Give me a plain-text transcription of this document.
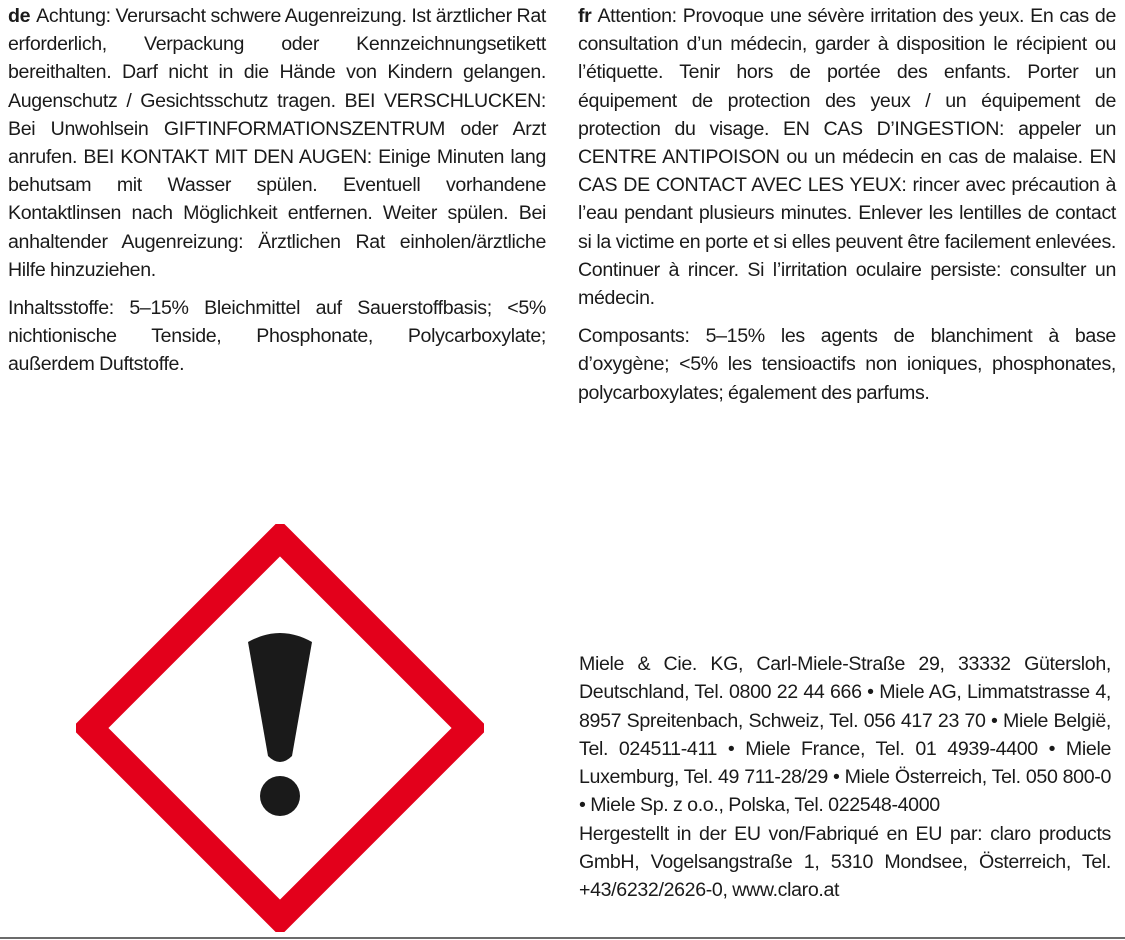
de Achtung: Verursacht schwere Augenreizung. Ist ärztlicher Rat erforderlich, Verpackung oder Kennzeichnungsetikett bereithalten. Darf nicht in die Hände von Kindern gelangen. Augenschutz / Gesichtsschutz tragen. BEI VERSCHLUCKEN: Bei Unwohlsein GIFTINFORMATIONSZENTRUM oder Arzt anrufen. BEI KONTAKT MIT DEN AUGEN: Einige Minuten lang behutsam mit Wasser spülen. Eventuell vorhandene Kontaktlinsen nach Möglichkeit entfernen. Weiter spülen. Bei anhaltender Augenreizung: Ärztlichen Rat einholen/ärztliche Hilfe hinzuziehen.

Inhaltsstoffe: 5–15% Bleichmittel auf Sauerstoffbasis; <5% nichtionische Tenside, Phosphonate, Polycarboxylate; außerdem Duftstoffe.

fr Attention: Provoque une sévère irritation des yeux. En cas de consultation d’un médecin, garder à disposition le récipient ou l’étiquette. Tenir hors de portée des enfants. Porter un équipement de protection des yeux / un équipement de protection du visage. EN CAS D’INGESTION: appeler un CENTRE ANTIPOISON ou un médecin en cas de malaise. EN CAS DE CONTACT AVEC LES YEUX: rincer avec précaution à l’eau pendant plusieurs minutes. Enlever les lentilles de contact si la victime en porte et si elles peuvent être facilement enlevées. Continuer à rincer. Si l’irritation oculaire persiste: consulter un médecin.

Composants: 5–15% les agents de blanchiment à base d’oxygène; <5% les tensioactifs non ioniques, phosphonates, polycarboxylates; également des parfums.

Miele & Cie. KG, Carl-Miele-Straße 29, 33332 Gütersloh, Deutschland, Tel. 0800 22 44 666 • Miele AG, Limmatstrasse 4, 8957 Spreitenbach, Schweiz, Tel. 056 417 23 70 • Miele België, Tel. 024511-411 • Miele France, Tel. 01 4939-4400 • Miele Luxemburg, Tel. 49 711-28/29 • Miele Österreich, Tel. 050 800-0 • Miele Sp. z o.o., Polska, Tel. 022548-4000

Hergestellt in der EU von/Fabriqué en EU par: claro products GmbH, Vogelsangstraße 1, 5310 Mondsee, Österreich, Tel. +43/6232/2626-0, www.claro.at
